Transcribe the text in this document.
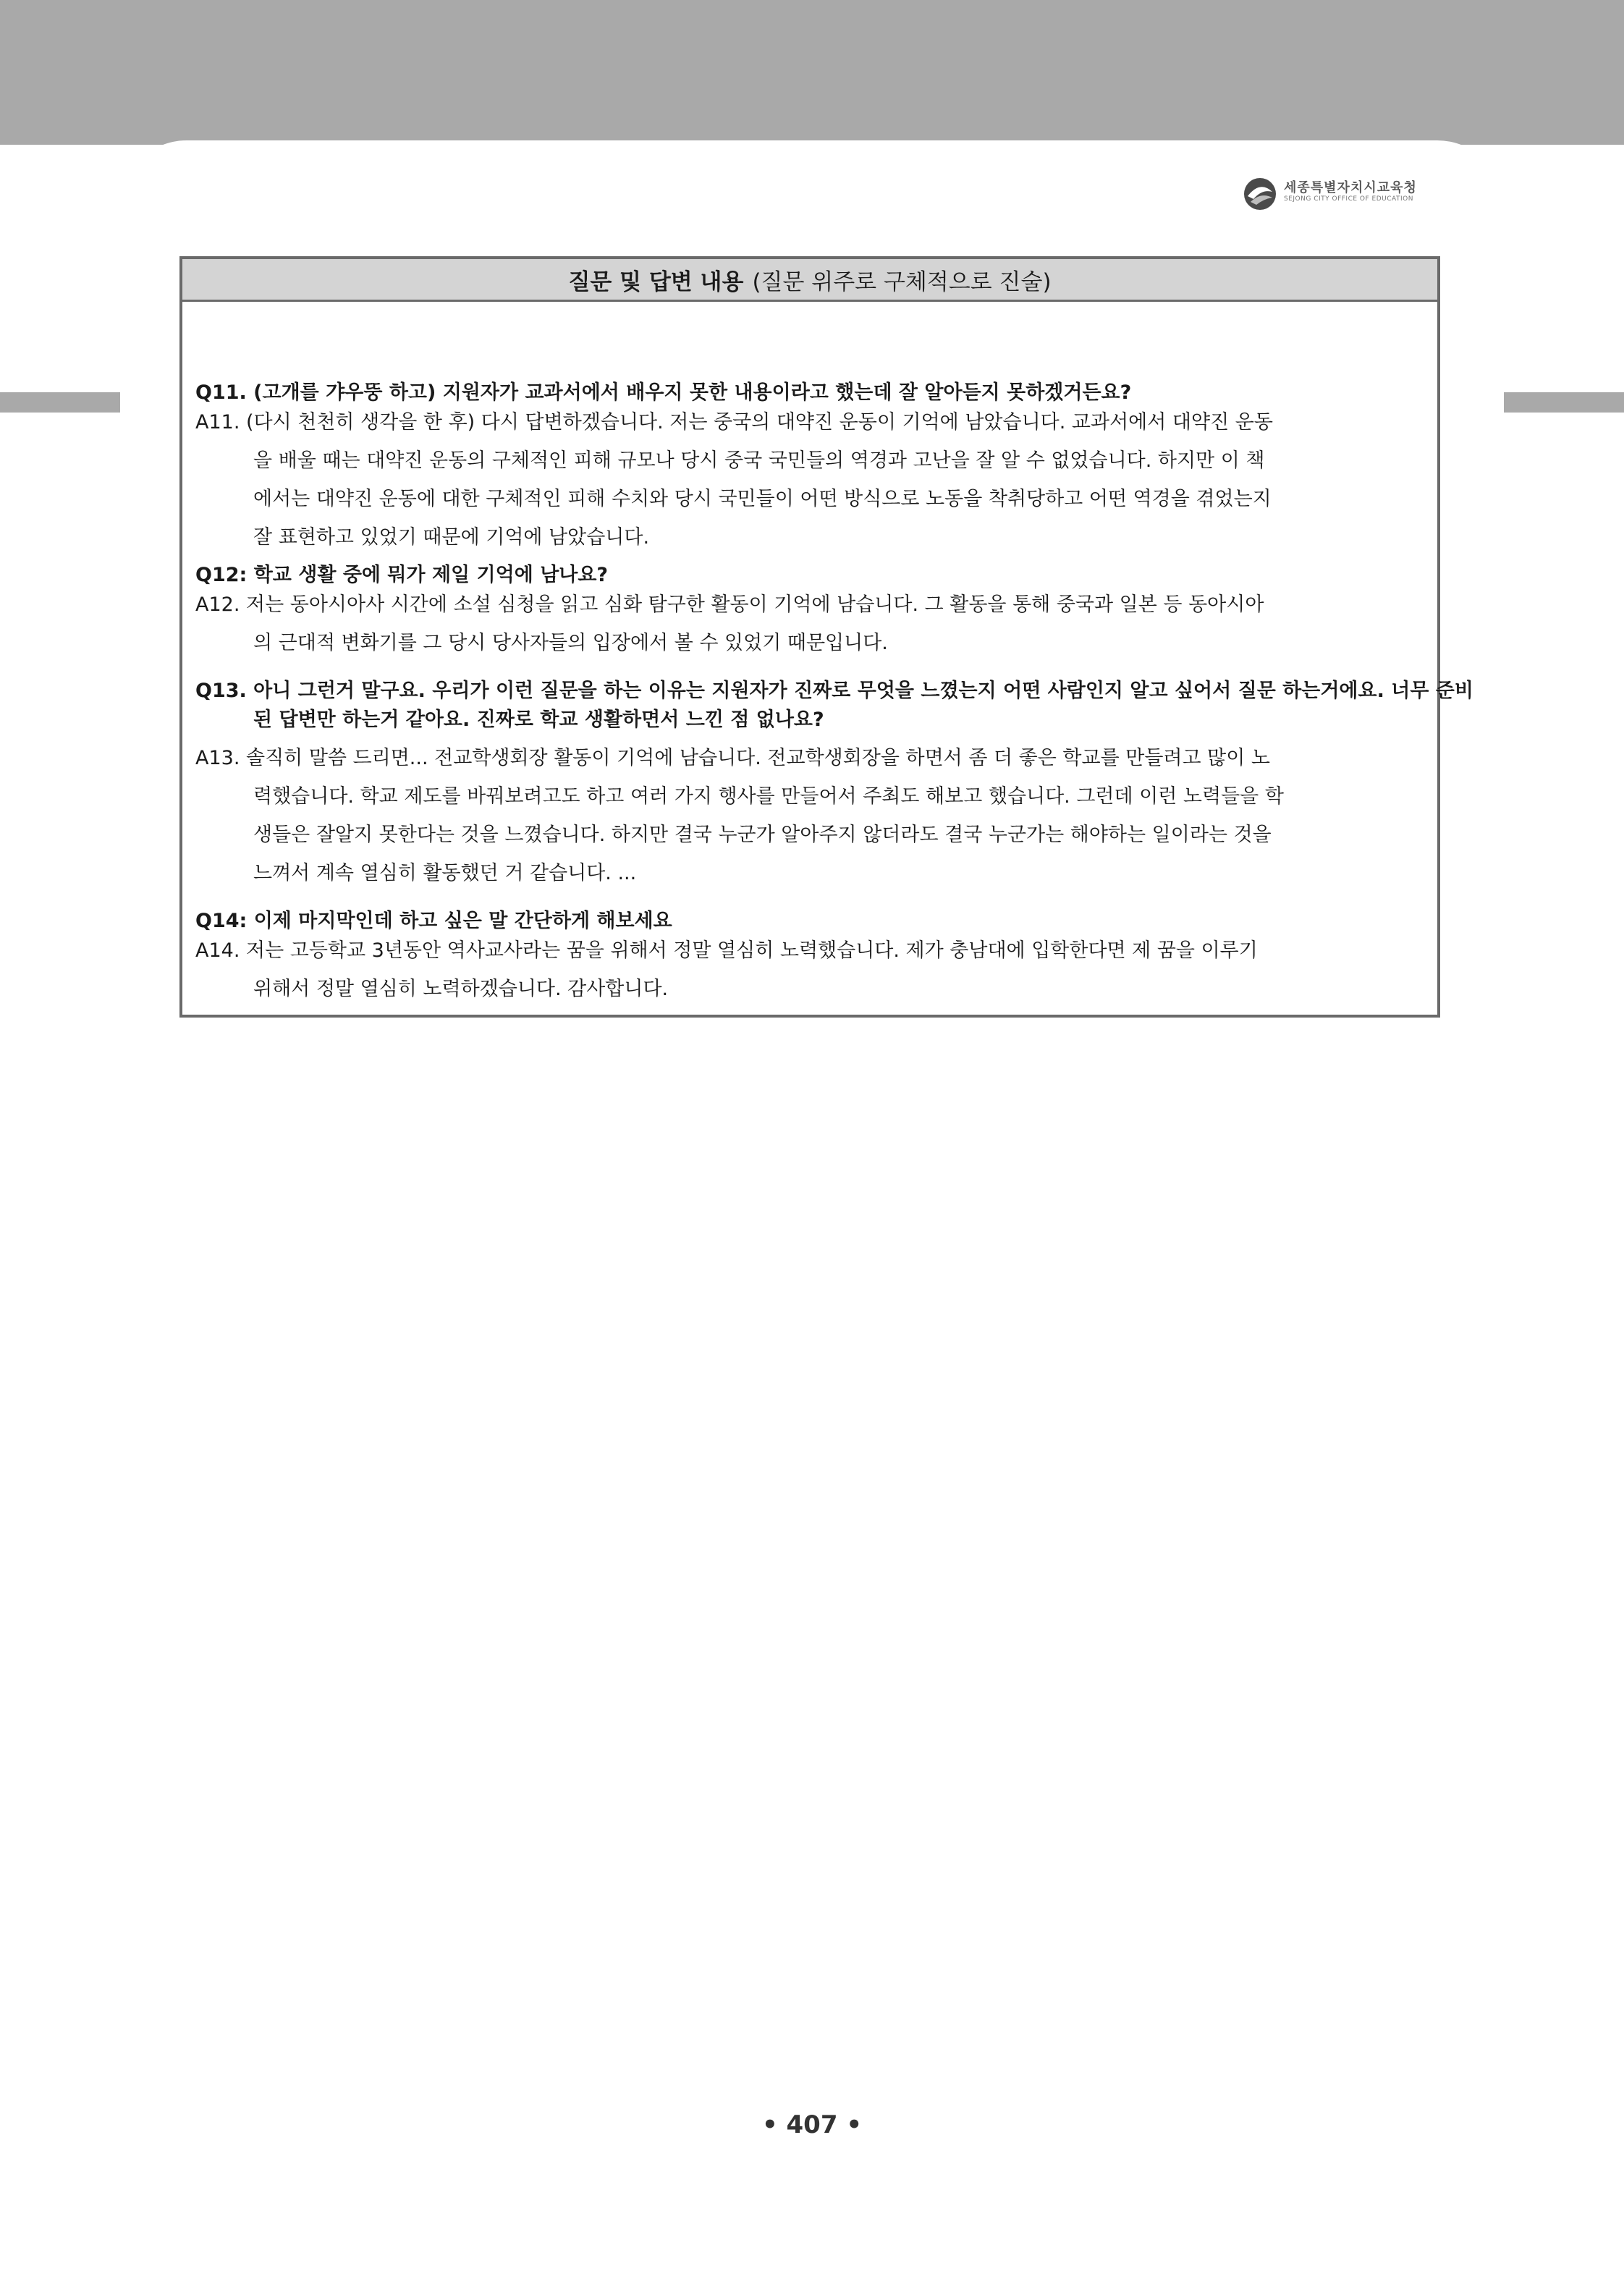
세종특별자치시교육청
SEJONG CITY OFFICE OF EDUCATION
질문 및 답변 내용 (질문 위주로 구체적으로 진술)
Q11. (고개를 갸우뚱 하고) 지원자가 교과서에서 배우지 못한 내용이라고 했는데 잘 알아듣지 못하겠거든요?
A11. (다시 천천히 생각을 한 후) 다시 답변하겠습니다. 저는 중국의 대약진 운동이 기억에 남았습니다. 교과서에서 대약진 운동
을 배울 때는 대약진 운동의 구체적인 피해 규모나 당시 중국 국민들의 역경과 고난을 잘 알 수 없었습니다. 하지만 이 책
에서는 대약진 운동에 대한 구체적인 피해 수치와 당시 국민들이 어떤 방식으로 노동을 착취당하고 어떤 역경을 겪었는지
잘 표현하고 있었기 때문에 기억에 남았습니다.
Q12: 학교 생활 중에 뭐가 제일 기억에 남나요?
A12. 저는 동아시아사 시간에 소설 심청을 읽고 심화 탐구한 활동이 기억에 남습니다. 그 활동을 통해 중국과 일본 등 동아시아
의 근대적 변화기를 그 당시 당사자들의 입장에서 볼 수 있었기 때문입니다.
Q13. 아니 그런거 말구요. 우리가 이런 질문을 하는 이유는 지원자가 진짜로 무엇을 느꼈는지 어떤 사람인지 알고 싶어서 질문 하는거에요. 너무 준비된 답변만 하는거 같아요. 진짜로 학교 생활하면서 느낀 점 없나요?
A13. 솔직히 말씀 드리면... 전교학생회장 활동이 기억에 남습니다. 전교학생회장을 하면서 좀 더 좋은 학교를 만들려고 많이 노
력했습니다. 학교 제도를 바꿔보려고도 하고 여러 가지 행사를 만들어서 주최도 해보고 했습니다. 그런데 이런 노력들을 학
생들은 잘알지 못한다는 것을 느꼈습니다. 하지만 결국 누군가 알아주지 않더라도 결국 누군가는 해야하는 일이라는 것을
느껴서 계속 열심히 활동했던 거 같습니다. ...
Q14: 이제 마지막인데 하고 싶은 말 간단하게 해보세요
A14. 저는 고등학교 3년동안 역사교사라는 꿈을 위해서 정말 열심히 노력했습니다. 제가 충남대에 입학한다면 제 꿈을 이루기
위해서 정말 열심히 노력하겠습니다. 감사합니다.
• 407 •
